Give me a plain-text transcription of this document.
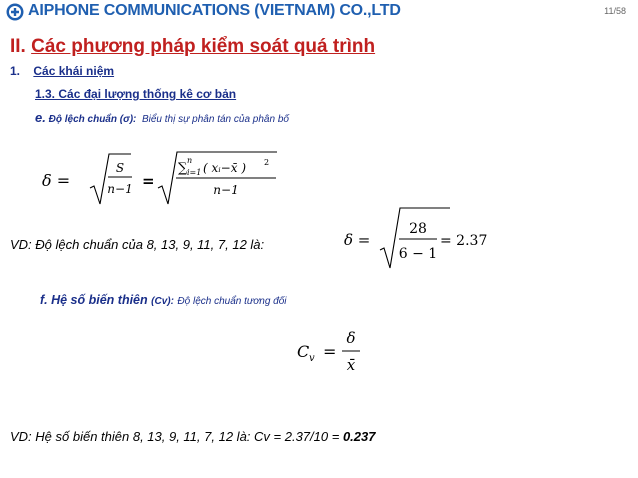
AIPHONE COMMUNICATIONS (VIETNAM) CO.,LTD	11/58
II. Các phương pháp kiểm soát quá trình
1. Các khái niệm
1.3. Các đại lượng thống kê cơ bản
e. Độ lệch chuẩn (σ): Biểu thị sự phân tán của phân bố
δ =
S
n−1 =
∑
n
i=1 ( xᵢ−x̄ ) 2
n−1
VD: Độ lệch chuẩn của 8, 13, 9, 11, 7, 12 là:	δ =
28
6 − 1
= 2.37
f. Hệ số biến thiên (Cv): Độ lệch chuẩn tương đối
C v =
δ
x̄
VD: Hệ số biến thiên 8, 13, 9, 11, 7, 12 là: Cv = 2.37/10 = 0.237
